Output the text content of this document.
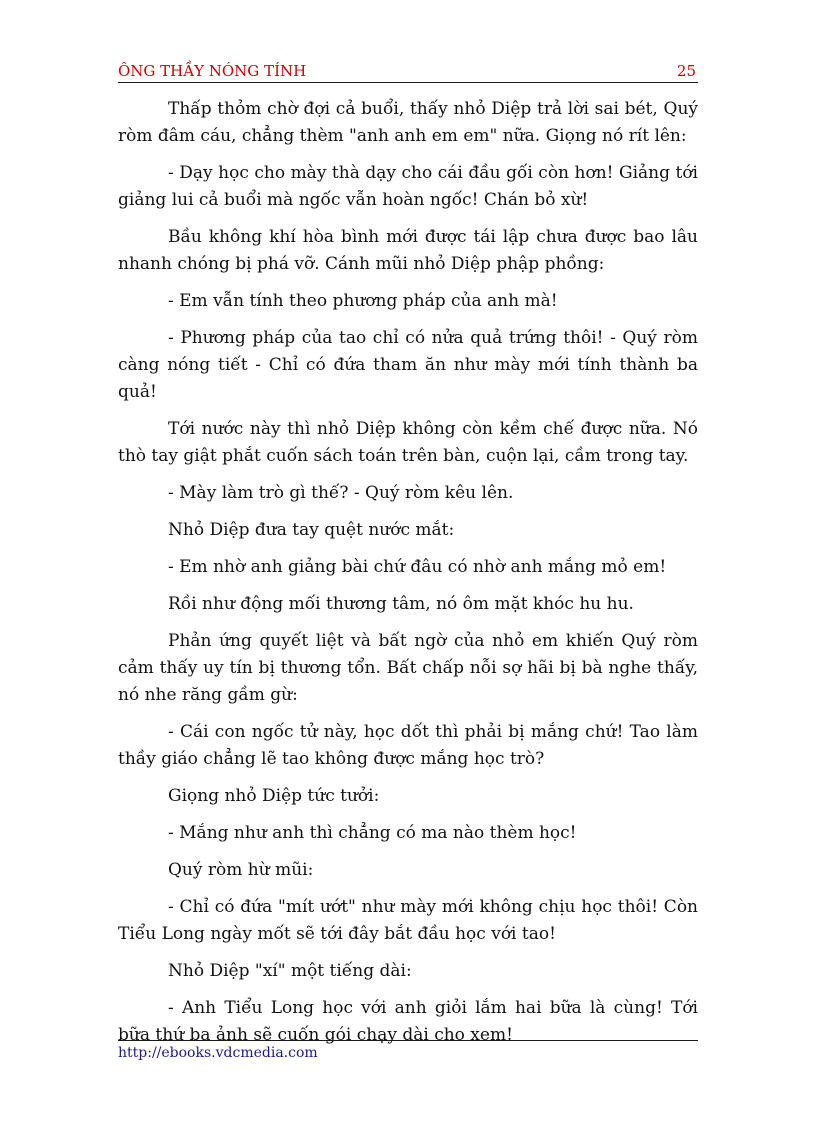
ÔNG THẦY NÓNG TÍNH	25

Thấp thỏm chờ đợi cả buổi, thấy nhỏ Diệp trả lời sai bét, Quý ròm đâm cáu, chẳng thèm "anh anh em em" nữa. Giọng nó rít lên:

- Dạy học cho mày thà dạy cho cái đầu gối còn hơn! Giảng tới giảng lui cả buổi mà ngốc vẫn hoàn ngốc! Chán bỏ xừ!

Bầu không khí hòa bình mới được tái lập chưa được bao lâu nhanh chóng bị phá vỡ. Cánh mũi nhỏ Diệp phập phồng:

- Em vẫn tính theo phương pháp của anh mà!

- Phương pháp của tao chỉ có nửa quả trứng thôi! - Quý ròm càng nóng tiết - Chỉ có đứa tham ăn như mày mới tính thành ba quả!

Tới nước này thì nhỏ Diệp không còn kềm chế được nữa. Nó thò tay giật phắt cuốn sách toán trên bàn, cuộn lại, cầm trong tay.

- Mày làm trò gì thế? - Quý ròm kêu lên.

Nhỏ Diệp đưa tay quệt nước mắt:

- Em nhờ anh giảng bài chứ đâu có nhờ anh mắng mỏ em!

Rồi như động mối thương tâm, nó ôm mặt khóc hu hu.

Phản ứng quyết liệt và bất ngờ của nhỏ em khiến Quý ròm cảm thấy uy tín bị thương tổn. Bất chấp nỗi sợ hãi bị bà nghe thấy, nó nhe răng gầm gừ:

- Cái con ngốc tử này, học dốt thì phải bị mắng chứ! Tao làm thầy giáo chẳng lẽ tao không được mắng học trò?

Giọng nhỏ Diệp tức tưởi:

- Mắng như anh thì chẳng có ma nào thèm học!

Quý ròm hừ mũi:

- Chỉ có đứa "mít ướt" như mày mới không chịu học thôi! Còn Tiểu Long ngày mốt sẽ tới đây bắt đầu học với tao!

Nhỏ Diệp "xí" một tiếng dài:

- Anh Tiểu Long học với anh giỏi lắm hai bữa là cùng! Tới bữa thứ ba ảnh sẽ cuốn gói chạy dài cho xem!

http://ebooks.vdcmedia.com
